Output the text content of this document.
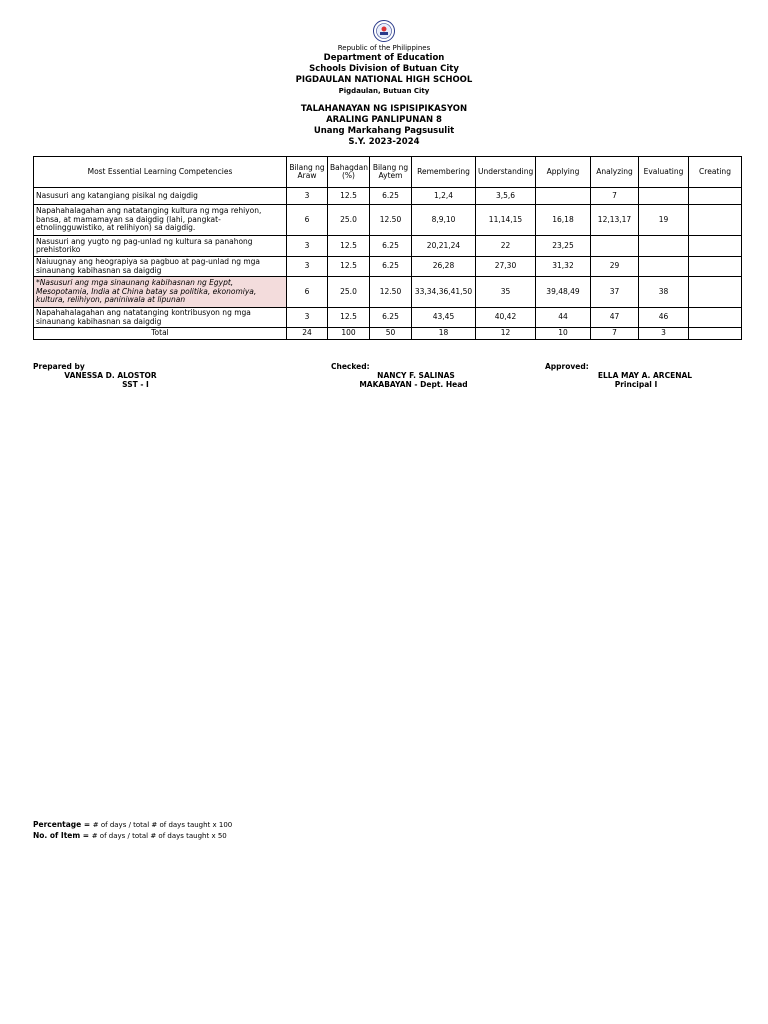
Republic of the Philippines
Department of Education
Schools Division of Butuan City
PIGDAULAN NATIONAL HIGH SCHOOL
Pigdaulan, Butuan City
TALAHANAYAN NG ISPISIPIKASYON
ARALING PANLIPUNAN 8
Unang Markahang Pagsusulit
S.Y. 2023-2024
Most Essential Learning Competencies	Bilang ng Araw	Bahagdan (%)	Bilang ng Aytem	Remembering	Understanding	Applying	Analyzing	Evaluating	Creating
Nasusuri ang katangiang pisikal ng daigdig	3	12.5	6.25	1,2,4	3,5,6		7		
Napahahalagahan ang natatanging kultura ng mga rehiyon, bansa, at mamamayan sa daigdig (lahi, pangkat-etnolingguwistiko, at relihiyon) sa daigdig.	6	25.0	12.50	8,9,10	11,14,15	16,18	12,13,17	19	
Nasusuri ang yugto ng pag-unlad ng kultura sa panahong prehistoriko	3	12.5	6.25	20,21,24	22	23,25			
Naiuugnay ang heograpiya sa pagbuo at pag-unlad ng mga sinaunang kabihasnan sa daigdig	3	12.5	6.25	26,28	27,30	31,32	29		
*Nasusuri ang mga sinaunang kabihasnan ng Egypt, Mesopotamia, India at China batay sa politika, ekonomiya, kultura, relihiyon, paniniwala at lipunan	6	25.0	12.50	33,34,36,41,50	35	39,48,49	37	38	
Napahahalagahan ang natatanging kontribusyon ng mga sinaunang kabihasnan sa daigdig	3	12.5	6.25	43,45	40,42	44	47	46	
Total	24	100	50	18	12	10	7	3	
Prepared by
VANESSA D. ALOSTOR
SST - I
Checked:
NANCY F. SALINAS
MAKABAYAN - Dept. Head
Approved:
ELLA MAY A. ARCENAL
Principal I
Percentage = # of days / total # of days taught x 100
No. of Item = # of days / total # of days taught x 50
